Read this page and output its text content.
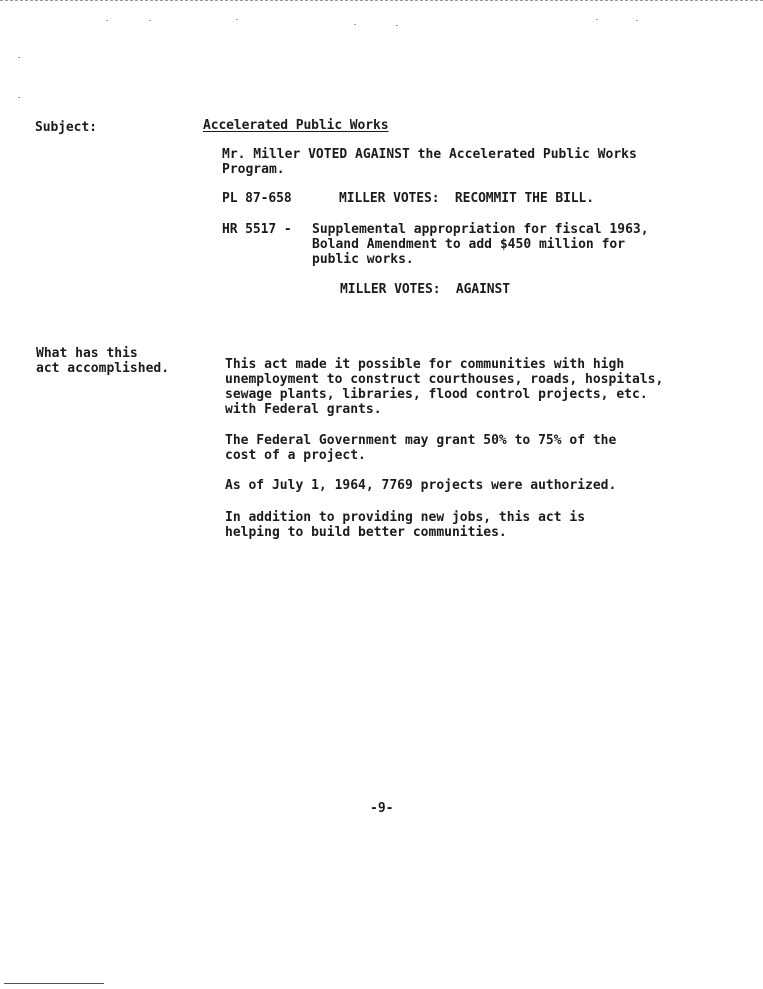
Subject:	Accelerated Public Works
Mr. Miller VOTED AGAINST the Accelerated Public Works
Program.
PL 87-658	MILLER VOTES:  RECOMMIT THE BILL.
HR 5517 - Supplemental appropriation for fiscal 1963,
Boland Amendment to add $450 million for
public works.
MILLER VOTES:  AGAINST
What has this
act accomplished.	This act made it possible for communities with high
unemployment to construct courthouses, roads, hospitals,
sewage plants, libraries, flood control projects, etc.
with Federal grants.
The Federal Government may grant 50% to 75% of the
cost of a project.
As of July 1, 1964, 7769 projects were authorized.
In addition to providing new jobs, this act is
helping to build better communities.
-9-
